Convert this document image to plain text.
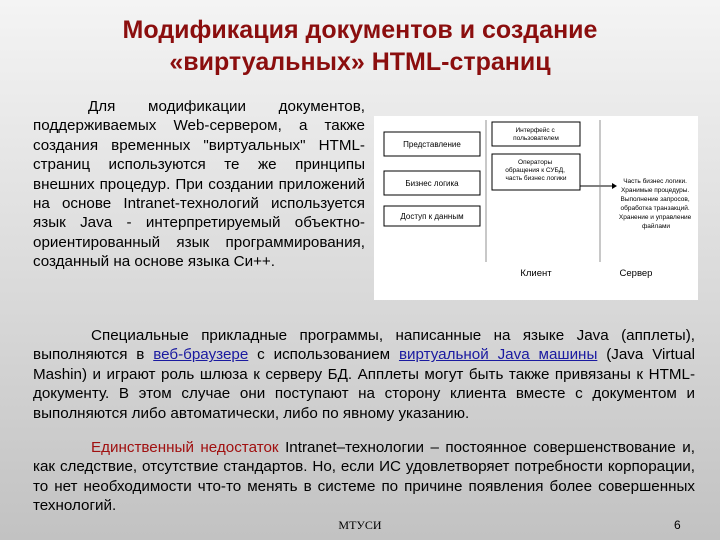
Модификация документов и создание
«виртуальных» HTML-страниц

Для модификации документов, поддерживаемых Web-сервером, а также создания временных "виртуальных" HTML-страниц используются те же принципы внешних процедур. При создании приложений на основе Intranet-технологий используется язык Java - интерпретируемый объектно-ориентированный язык программирования, созданный на основе языка Си++.

Представление
Бизнес логика
Доступ к данным
Интерфейс с пользователем
Операторы обращения к СУБД, часть бизнес логики	Часть бизнес логики. Хранимые процедуры. Выполнение запросов, обработка транзакций. Хранение и управление файлами
Клиент	Сервер

Специальные прикладные программы, написанные на языке Java (апплеты), выполняются в веб-браузере с использованием виртуальной Java машины (Java Virtual Mashin) и играют роль шлюза к серверу БД. Апплеты могут быть также привязаны к HTML-документу. В этом случае они поступают на сторону клиента вместе с документом и выполняются либо автоматически, либо по явному указанию.

Единственный недостаток Intranet–технологии – постоянное совершенствование и, как следствие, отсутствие стандартов. Но, если ИС удовлетворяет потребности корпорации, то нет необходимости что-то менять в системе по причине появления более совершенных технологий.

МТУСИ	6
